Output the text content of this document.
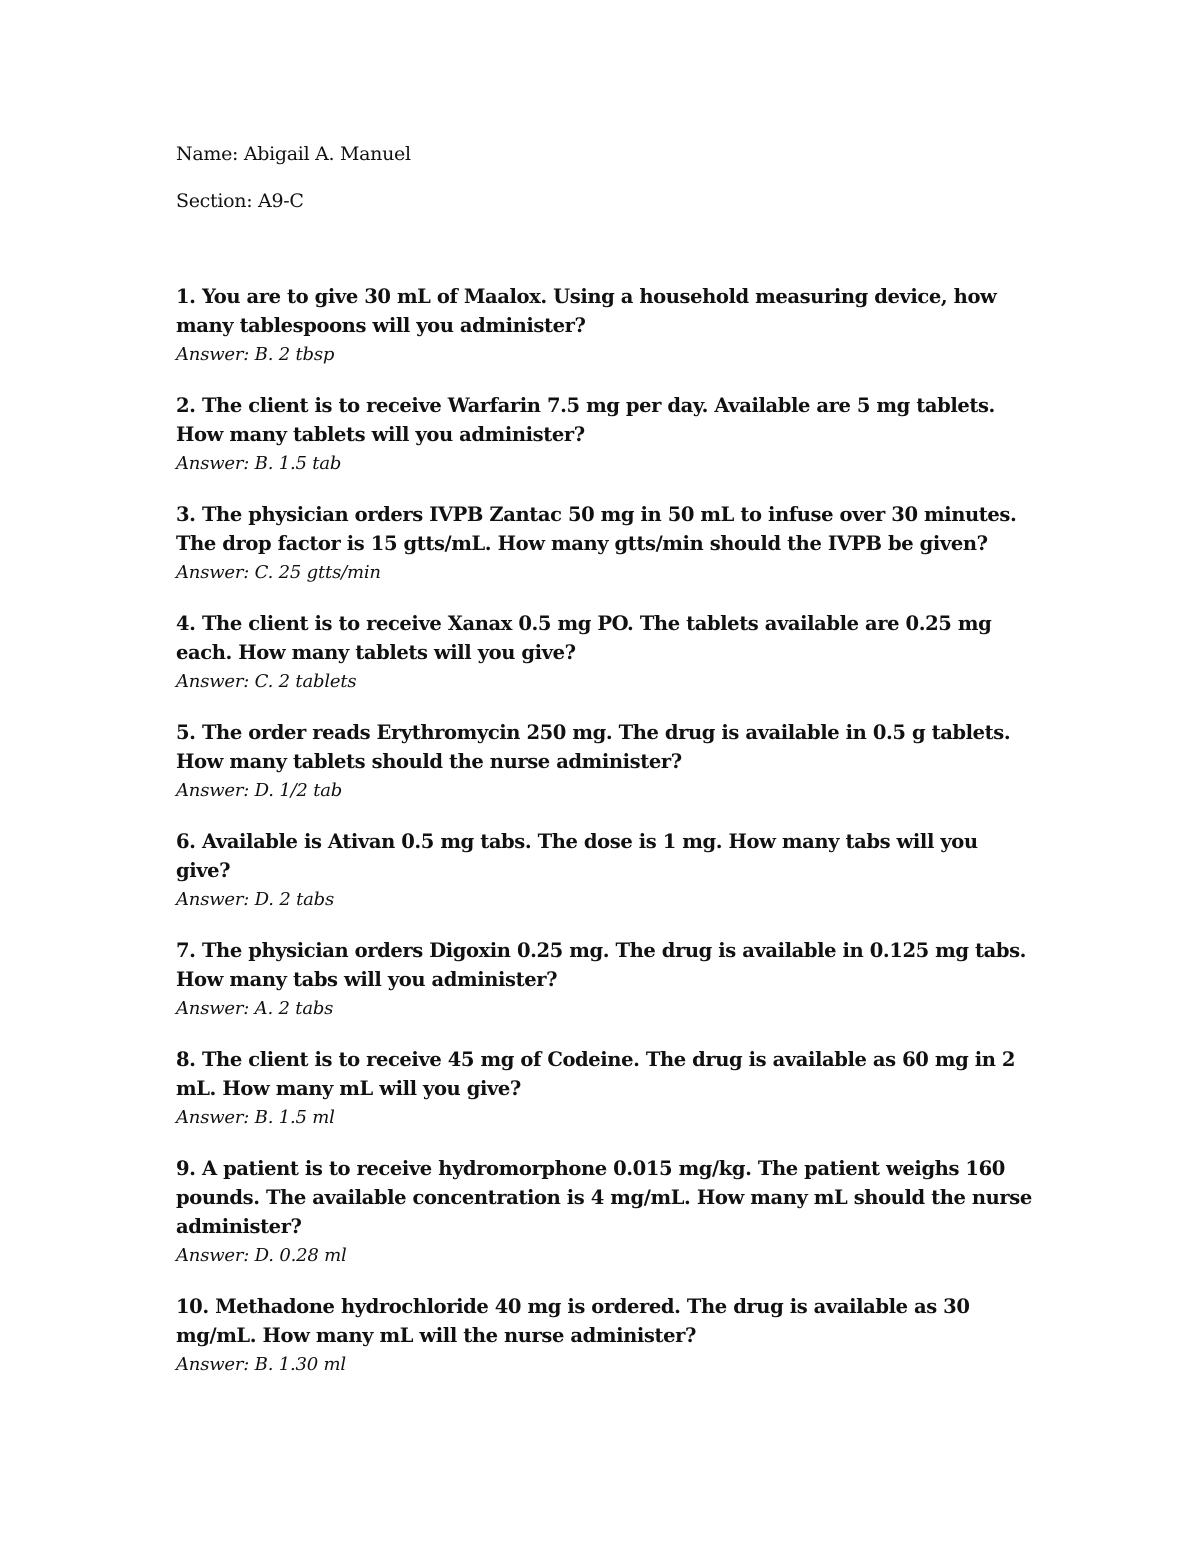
Name: Abigail A. Manuel

Section: A9-C

1. You are to give 30 mL of Maalox. Using a household measuring device, how many tablespoons will you administer?

Answer: B. 2 tbsp

2. The client is to receive Warfarin 7.5 mg per day. Available are 5 mg tablets. How many tablets will you administer?

Answer: B. 1.5 tab

3. The physician orders IVPB Zantac 50 mg in 50 mL to infuse over 30 minutes. The drop factor is 15 gtts/mL. How many gtts/min should the IVPB be given?

Answer: C. 25 gtts/min

4. The client is to receive Xanax 0.5 mg PO. The tablets available are 0.25 mg each. How many tablets will you give?

Answer: C. 2 tablets

5. The order reads Erythromycin 250 mg. The drug is available in 0.5 g tablets. How many tablets should the nurse administer?

Answer: D. 1/2 tab

6. Available is Ativan 0.5 mg tabs. The dose is 1 mg. How many tabs will you give?

Answer: D. 2 tabs

7. The physician orders Digoxin 0.25 mg. The drug is available in 0.125 mg tabs. How many tabs will you administer?

Answer: A. 2 tabs

8. The client is to receive 45 mg of Codeine. The drug is available as 60 mg in 2 mL. How many mL will you give?

Answer: B. 1.5 ml

9. A patient is to receive hydromorphone 0.015 mg/kg. The patient weighs 160 pounds. The available concentration is 4 mg/mL. How many mL should the nurse administer?

Answer: D. 0.28 ml

10. Methadone hydrochloride 40 mg is ordered. The drug is available as 30 mg/mL. How many mL will the nurse administer?

Answer: B. 1.30 ml
